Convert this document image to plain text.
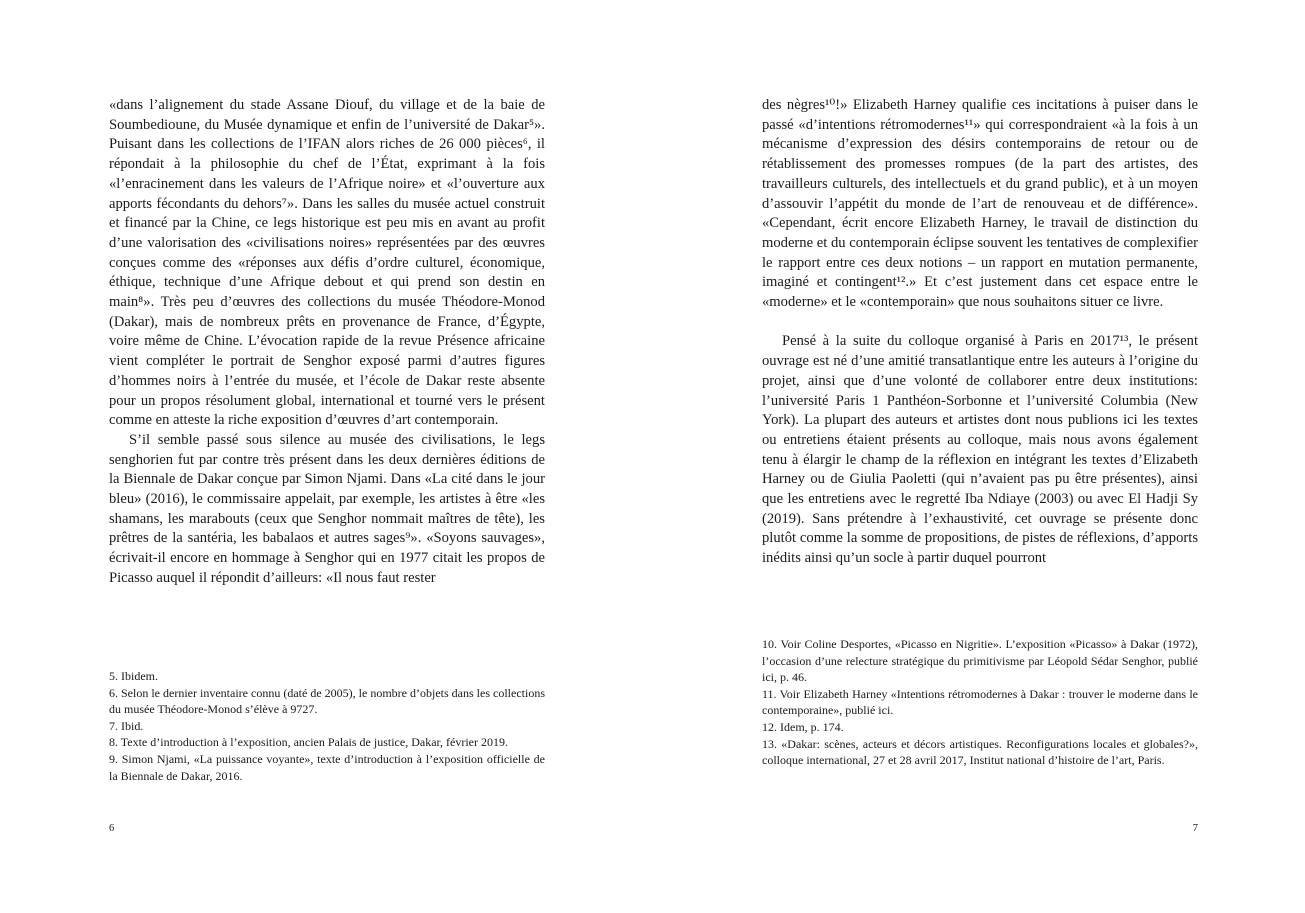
«dans l’alignement du stade Assane Diouf, du village et de la baie de Soumbedioune, du Musée dynamique et enfin de l’université de Dakar⁵». Puisant dans les collections de l’IFAN alors riches de 26 000 pièces⁶, il répondait à la philosophie du chef de l’État, exprimant à la fois «l’enracinement dans les valeurs de l’Afrique noire» et «l’ouverture aux apports fécondants du dehors⁷». Dans les salles du musée actuel construit et financé par la Chine, ce legs historique est peu mis en avant au profit d’une valorisation des «civilisations noires» représentées par des œuvres conçues comme des «réponses aux défis d’ordre culturel, économique, éthique, technique d’une Afrique debout et qui prend son destin en main⁸». Très peu d’œuvres des collections du musée Théodore-Monod (Dakar), mais de nombreux prêts en provenance de France, d’Égypte, voire même de Chine. L’évocation rapide de la revue Présence africaine vient compléter le portrait de Senghor exposé parmi d’autres figures d’hommes noirs à l’entrée du musée, et l’école de Dakar reste absente pour un propos résolument global, international et tourné vers le présent comme en atteste la riche exposition d’œuvres d’art contemporain.

S’il semble passé sous silence au musée des civilisations, le legs senghorien fut par contre très présent dans les deux dernières éditions de la Biennale de Dakar conçue par Simon Njami. Dans «La cité dans le jour bleu» (2016), le commissaire appelait, par exemple, les artistes à être «les shamans, les marabouts (ceux que Senghor nommait maîtres de tête), les prêtres de la santéria, les babalaos et autres sages⁹». «Soyons sauvages», écrivait-il encore en hommage à Senghor qui en 1977 citait les propos de Picasso auquel il répondit d’ailleurs: «Il nous faut rester

5. Ibidem.

6. Selon le dernier inventaire connu (daté de 2005), le nombre d’objets dans les collections du musée Théodore-Monod s’élève à 9727.

7. Ibid.

8. Texte d’introduction à l’exposition, ancien Palais de justice, Dakar, février 2019.

9. Simon Njami, «La puissance voyante», texte d’introduction à l’exposition officielle de la Biennale de Dakar, 2016.

6

des nègres¹⁰!» Elizabeth Harney qualifie ces incitations à puiser dans le passé «d’intentions rétromodernes¹¹» qui correspondraient «à la fois à un mécanisme d’expression des désirs contemporains de retour ou de rétablissement des promesses rompues (de la part des artistes, des travailleurs culturels, des intellectuels et du grand public), et à un moyen d’assouvir l’appétit du monde de l’art de renouveau et de différence». «Cependant, écrit encore Elizabeth Harney, le travail de distinction du moderne et du contemporain éclipse souvent les tentatives de complexifier le rapport entre ces deux notions – un rapport en mutation permanente, imaginé et contingent¹².» Et c’est justement dans cet espace entre le «moderne» et le «contemporain» que nous souhaitons situer ce livre.

Pensé à la suite du colloque organisé à Paris en 2017¹³, le présent ouvrage est né d’une amitié transatlantique entre les auteurs à l’origine du projet, ainsi que d’une volonté de collaborer entre deux institutions: l’université Paris 1 Panthéon-Sorbonne et l’université Columbia (New York). La plupart des auteurs et artistes dont nous publions ici les textes ou entretiens étaient présents au colloque, mais nous avons également tenu à élargir le champ de la réflexion en intégrant les textes d’Elizabeth Harney ou de Giulia Paoletti (qui n’avaient pas pu être présentes), ainsi que les entretiens avec le regretté Iba Ndiaye (2003) ou avec El Hadji Sy (2019). Sans prétendre à l’exhaustivité, cet ouvrage se présente donc plutôt comme la somme de propositions, de pistes de réflexions, d’apports inédits ainsi qu’un socle à partir duquel pourront

10. Voir Coline Desportes, «Picasso en Nigritie». L’exposition «Picasso» à Dakar (1972), l’occasion d’une relecture stratégique du primitivisme par Léopold Sédar Senghor, publié ici, p. 46.

11. Voir Elizabeth Harney «Intentions rétromodernes à Dakar : trouver le moderne dans le contemporaine», publié ici.

12. Idem, p. 174.

13. «Dakar: scènes, acteurs et décors artistiques. Reconfigurations locales et globales?», colloque international, 27 et 28 avril 2017, Institut national d’histoire de l’art, Paris.

7
